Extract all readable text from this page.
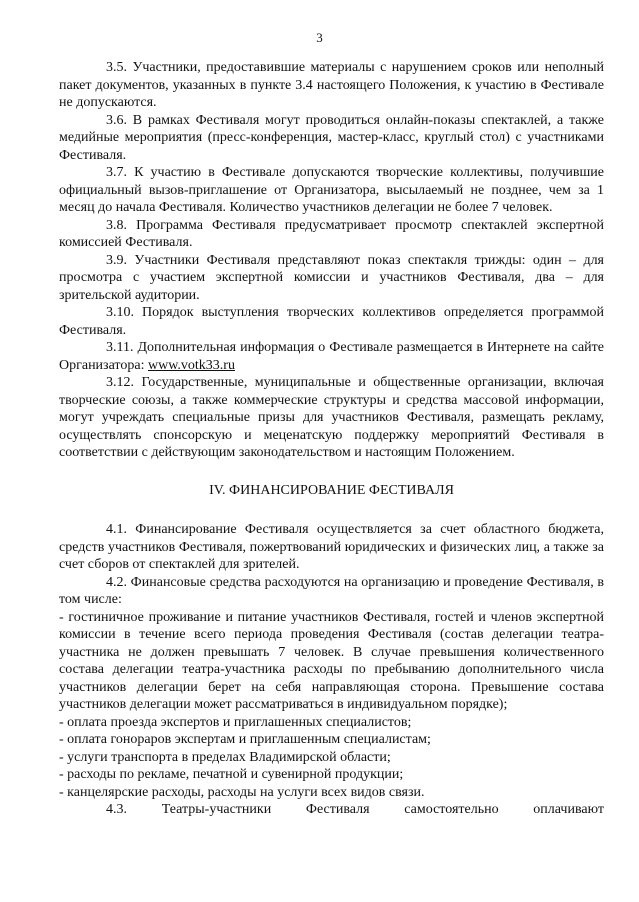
3

3.5. Участники, предоставившие материалы с нарушением сроков или неполный пакет документов, указанных в пункте 3.4 настоящего Положения, к участию в Фестивале не допускаются.

3.6. В рамках Фестиваля могут проводиться онлайн-показы спектаклей, а также медийные мероприятия (пресс-конференция, мастер-класс, круглый стол) с участниками Фестиваля.

3.7. К участию в Фестивале допускаются творческие коллективы, получившие официальный вызов-приглашение от Организатора, высылаемый не позднее, чем за 1 месяц до начала Фестиваля. Количество участников делегации не более 7 человек.

3.8. Программа Фестиваля предусматривает просмотр спектаклей экспертной комиссией Фестиваля.

3.9. Участники Фестиваля представляют показ спектакля трижды: один – для просмотра с участием экспертной комиссии и участников Фестиваля, два – для зрительской аудитории.

3.10. Порядок выступления творческих коллективов определяется программой Фестиваля.

3.11. Дополнительная информация о Фестивале размещается в Интернете на сайте Организатора: www.votk33.ru

3.12. Государственные, муниципальные и общественные организации, включая творческие союзы, а также коммерческие структуры и средства массовой информации, могут учреждать специальные призы для участников Фестиваля, размещать рекламу, осуществлять спонсорскую и меценатскую поддержку мероприятий Фестиваля в соответствии с действующим законодательством и настоящим Положением.

IV. ФИНАНСИРОВАНИЕ ФЕСТИВАЛЯ

4.1. Финансирование Фестиваля осуществляется за счет областного бюджета, средств участников Фестиваля, пожертвований юридических и физических лиц, а также за счет сборов от спектаклей для зрителей.

4.2. Финансовые средства расходуются на организацию и проведение Фестиваля, в том числе:

- гостиничное проживание и питание участников Фестиваля, гостей и членов экспертной комиссии в течение всего периода проведения Фестиваля (состав делегации театра-участника не должен превышать 7 человек. В случае превышения количественного состава делегации театра-участника расходы по пребыванию дополнительного числа участников делегации берет на себя направляющая сторона. Превышение состава участников делегации может рассматриваться в индивидуальном порядке);

- оплата проезда экспертов и приглашенных специалистов;

- оплата гонораров экспертам и приглашенным специалистам;

- услуги транспорта в пределах Владимирской области;

- расходы по рекламе, печатной и сувенирной продукции;

- канцелярские расходы, расходы на услуги всех видов связи.

4.3. Театры-участники Фестиваля самостоятельно оплачивают
